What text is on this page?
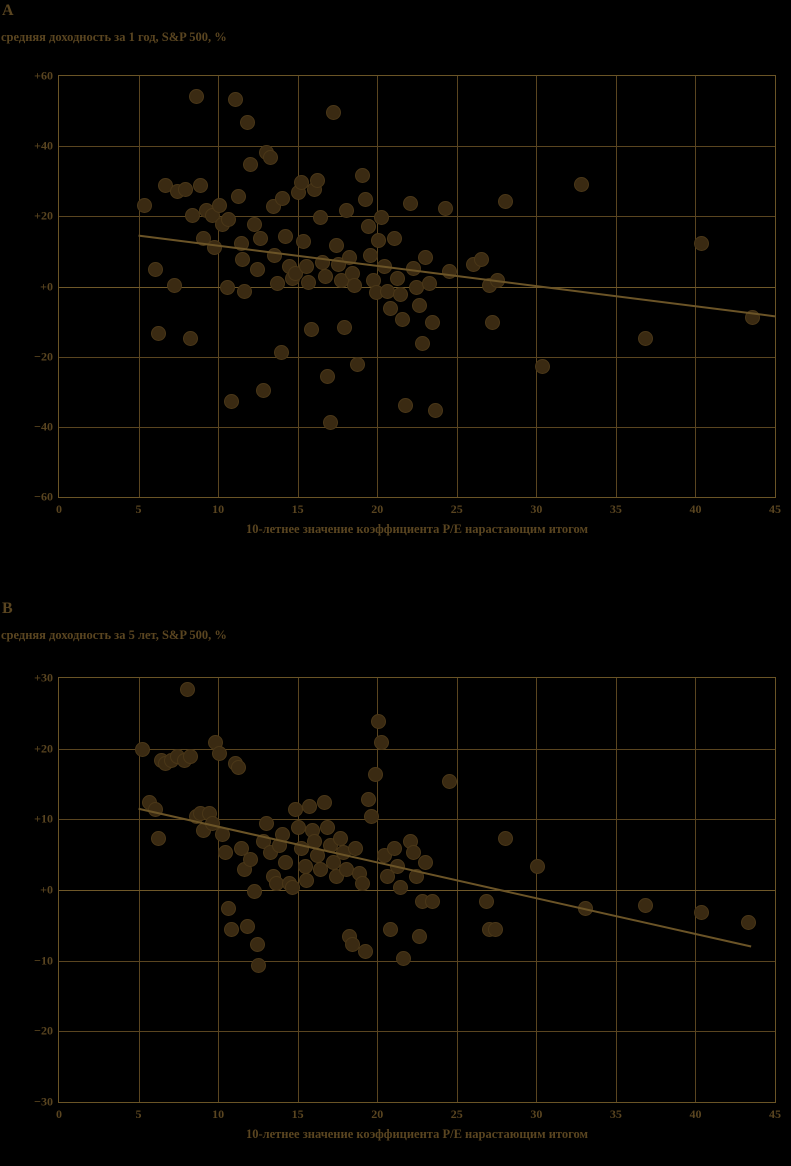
A
средняя доходность за 1 год, S&P 500, %
0	5	10	15	20	25	30	35	40	45
−60
−40
−20
+0
+20
+40
+60
10-летнее значение коэффициента P/E нарастающим итогом
B
средняя доходность за 5 лет, S&P 500, %
0	5	10	15	20	25	30	35	40	45
−30
−20
−10
+0
+10
+20
+30
10-летнее значение коэффициента P/E нарастающим итогом
